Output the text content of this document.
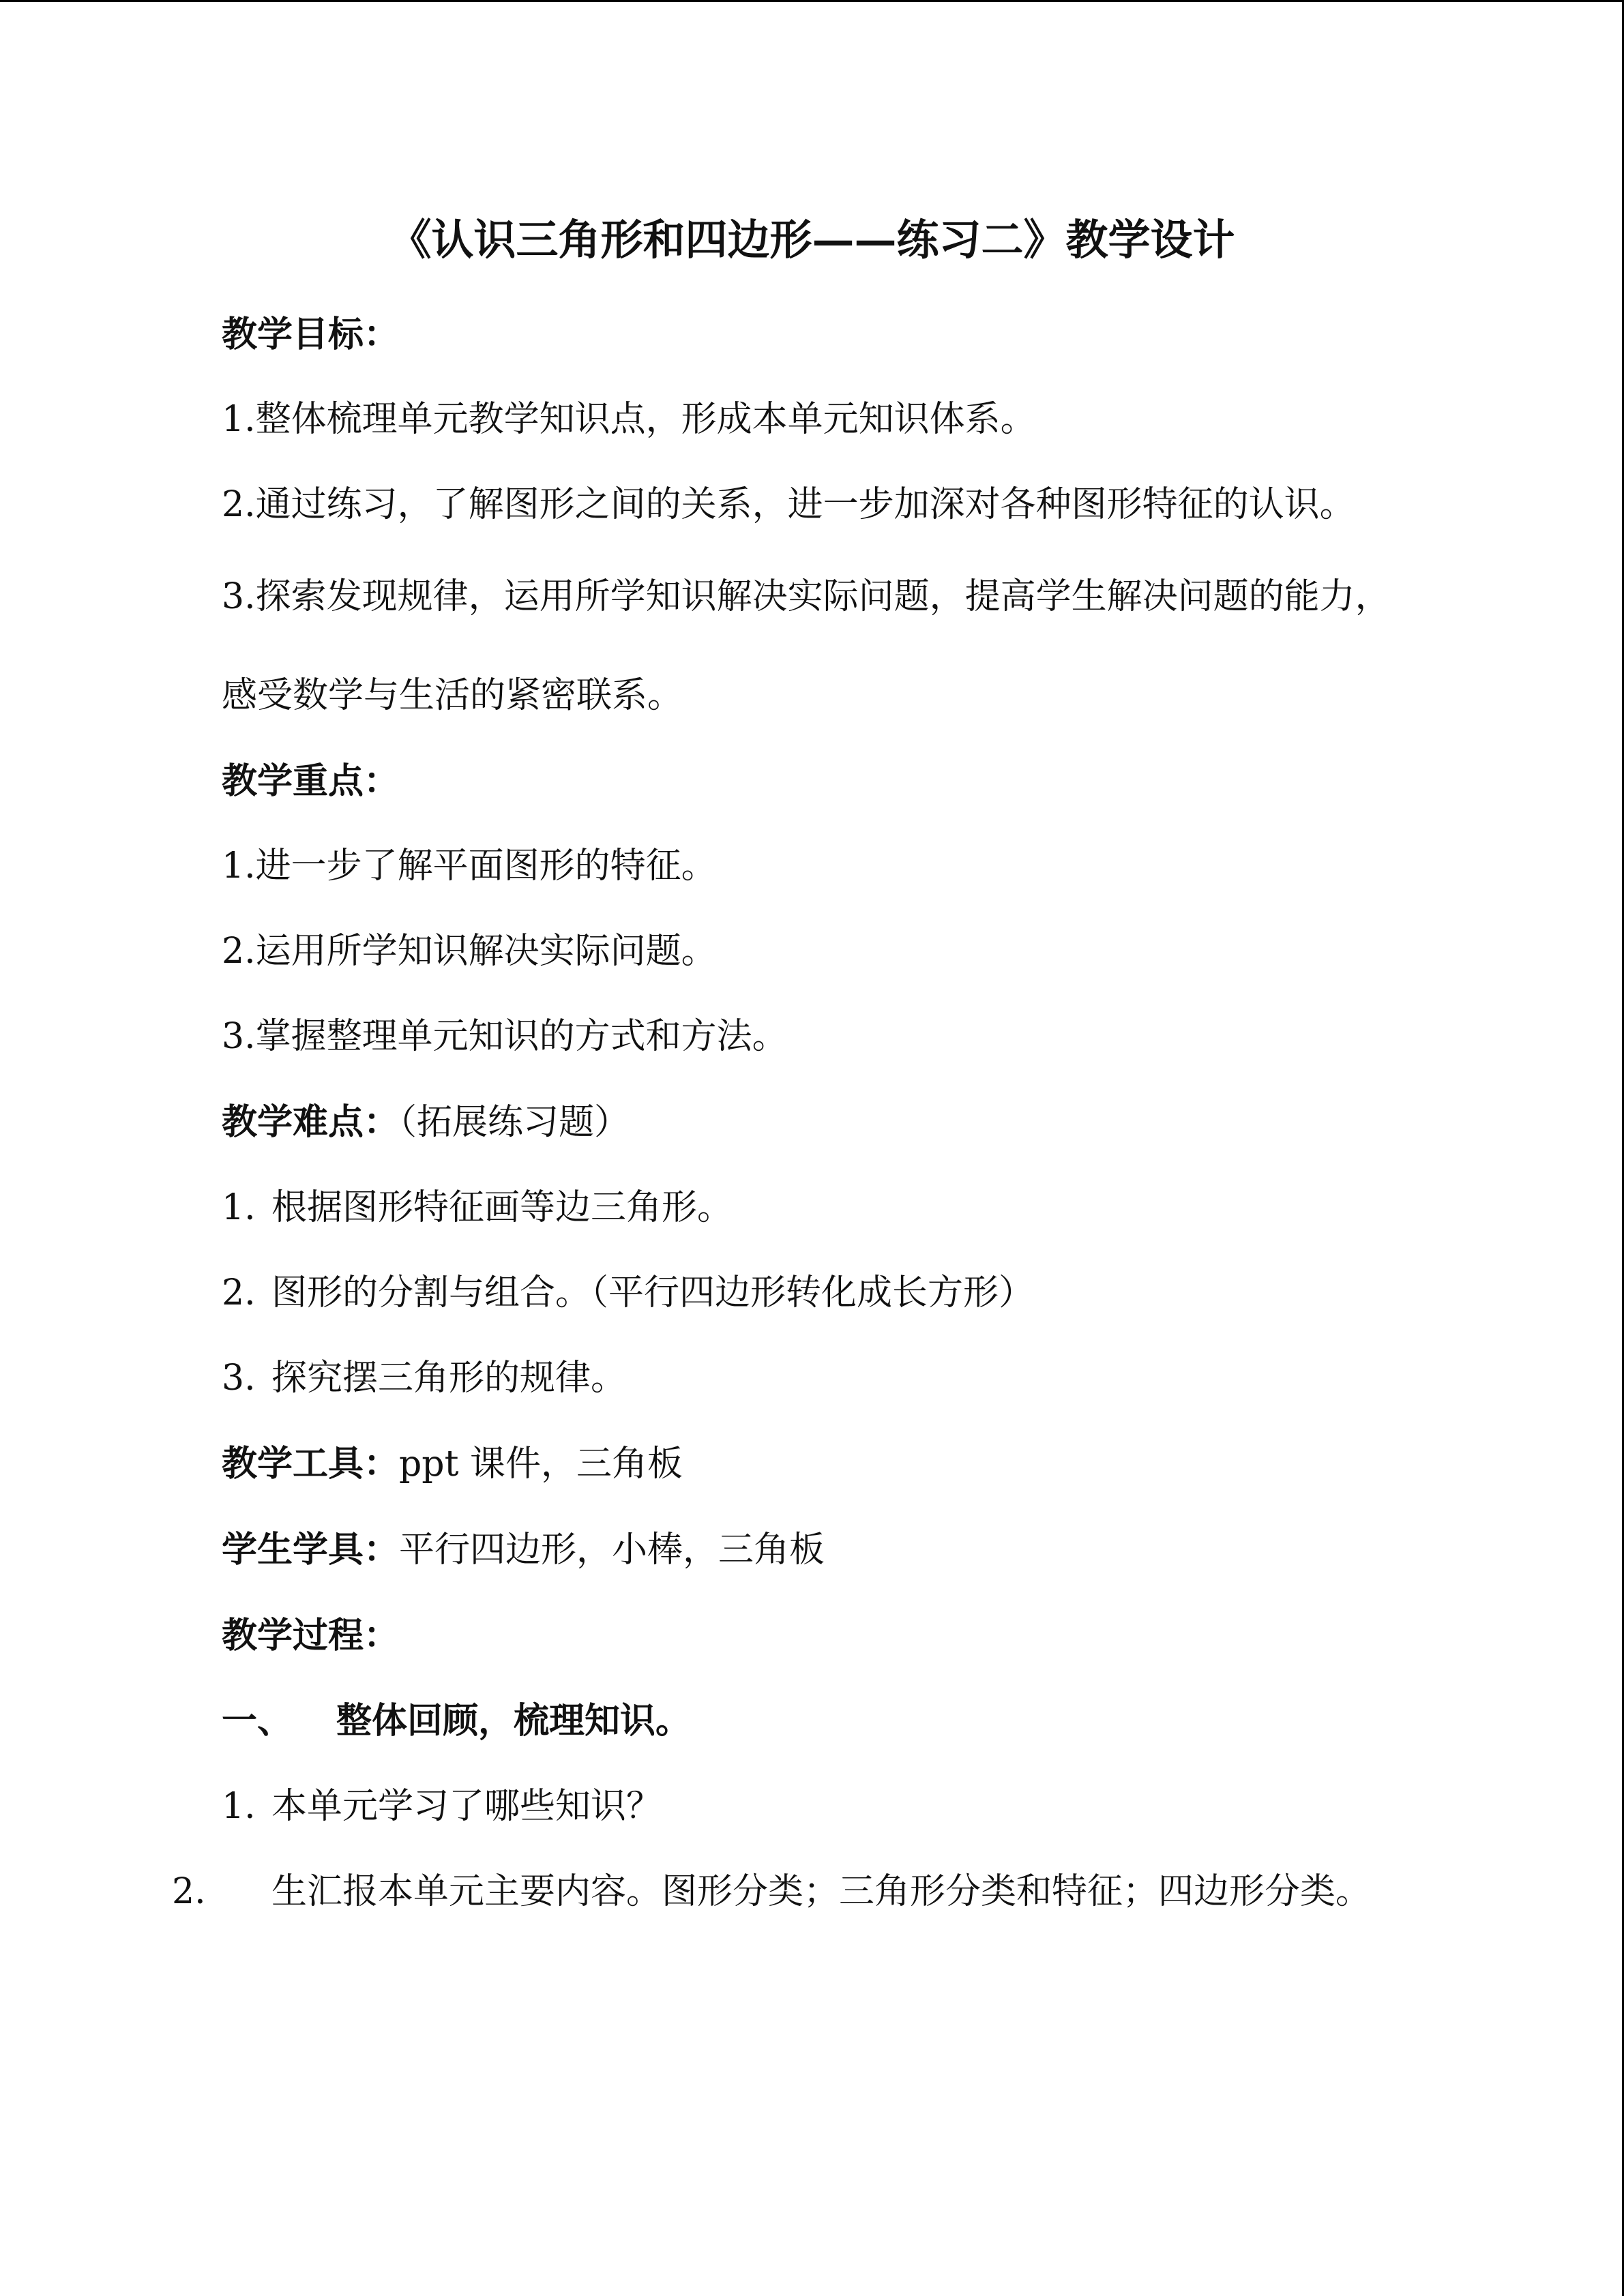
《认识三角形和四边形——练习二》教学设计
教学目标：
1.整体梳理单元教学知识点，形成本单元知识体系。
2.通过练习，了解图形之间的关系，进一步加深对各种图形特征的认识。
3.探索发现规律，运用所学知识解决实际问题，提高学生解决问题的能力，感受数学与生活的紧密联系。
教学重点：
1.进一步了解平面图形的特征。
2.运用所学知识解决实际问题。
3.掌握整理单元知识的方式和方法。
教学难点：（拓展练习题）
1. 根据图形特征画等边三角形。
2. 图形的分割与组合。（平行四边形转化成长方形）
3. 探究摆三角形的规律。
教学工具：ppt 课件，三角板
学生学具：平行四边形，小棒，三角板
教学过程：
一、 整体回顾，梳理知识。
1. 本单元学习了哪些知识？
2. 生汇报本单元主要内容。图形分类；三角形分类和特征；四边形分类。
